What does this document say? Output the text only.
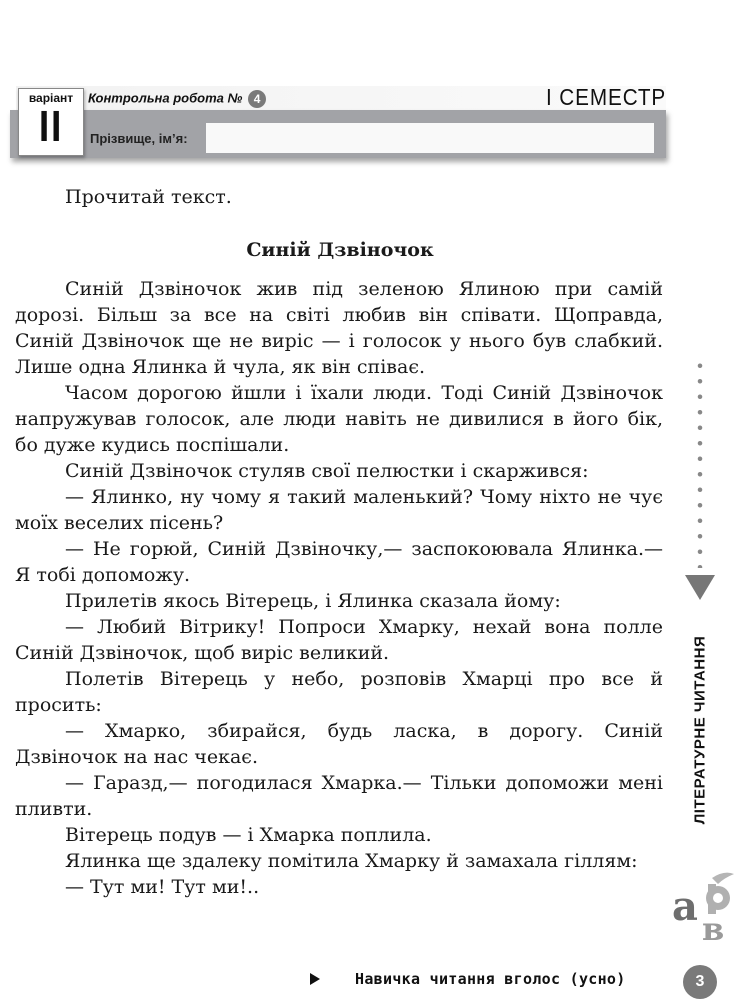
варіант
II
Контрольна робота № 4	І СЕМЕСТР
Прізвище, ім’я:
Прочитай текст.
Синій Дзвіночок

Синій Дзвіночок жив під зеленою Ялиною при самій дорозі. Більш за все на світі любив він співати. Щоправда, Синій Дзвіночок ще не виріс — і голосок у нього був слабкий. Лише одна Ялинка й чула, як він співає.

Часом дорогою йшли і їхали люди. Тоді Синій Дзвіночок напружував голосок, але люди навіть не дивилися в його бік, бо дуже кудись поспішали.

Синій Дзвіночок стуляв свої пелюстки і скаржився:

— Ялинко, ну чому я такий маленький? Чому ніхто не чує моїх веселих пісень?

— Не горюй, Синій Дзвіночку,— заспокоювала Ялинка.— Я тобі допоможу.

Прилетів якось Вітерець, і Ялинка сказала йому:

— Любий Вітрику! Попроси Хмарку, нехай вона полле Синій Дзвіночок, щоб виріс великий.

Полетів Вітерець у небо, розповів Хмарці про все й просить:

— Хмарко, збирайся, будь ласка, в дорогу. Синій Дзвіночок на нас чекає.

— Гаразд,— погодилася Хмарка.— Тільки допоможи мені пливти.

Вітерець подув — і Хмарка поплила.

Ялинка ще здалеку помітила Хмарку й замахала гіллям:

— Тут ми! Тут ми!..

ЛІТЕРАТУРНЕ ЧИТАННЯ
a в
Навичка читання вголос (усно)	3
